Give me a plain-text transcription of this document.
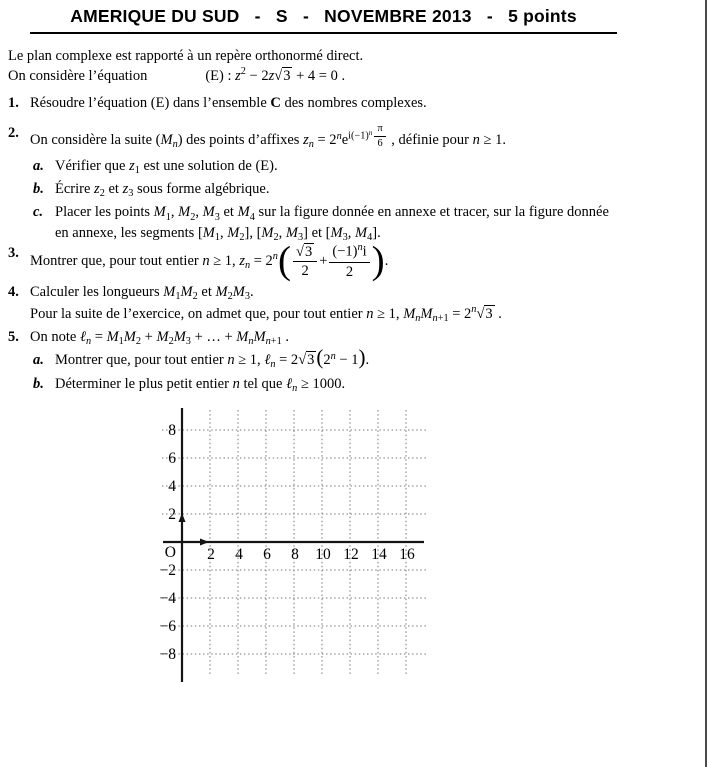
AMERIQUE DU SUD   -   S   -   NOVEMBRE 2013   -   5 points
Le plan complexe est rapporté à un repère orthonormé direct.
On considère l’équation	(E) : z2 − 2z√3 + 4 = 0 .
1. Résoudre l’équation (E) dans l’ensemble C des nombres complexes.
2. On considère la suite (Mn) des points d’affixes zn = $2nei(-1)n \frac{\pi}{6}$ , définie pour n ≥ 1.
a. Vérifier que z1 est une solution de (E).
b. Écrire z2 et z3 sous forme algébrique.
c. Placer les points M1, M2, M3 et M4 sur la figure donnée en annexe et tracer, sur la figure donnée
en annexe, les segments [M1, M2], [M2, M3] et [M3, M4].
3. Montrer que, pour tout entier n ≥ 1, zn = $2n( \frac{√3}{2} + \frac{(-1)ni}{2}$ ).
4. Calculer les longueurs M1M2 et M2M3.
Pour la suite de l’exercice, on admet que, pour tout entier n ≥ 1, MnMn+1 = 2n√3 .
5. On note ℓn = M1M2 + M2M3 + … + MnMn+1 .
a. Montrer que, pour tout entier n ≥ 1, ℓn = 2√3(2n − 1).
b. Déterminer le plus petit entier n tel que ℓn ≥ 1000.
2 4 6 8 10 12 14 16
8
6
4
2
−2
−4
−6
−8
O
